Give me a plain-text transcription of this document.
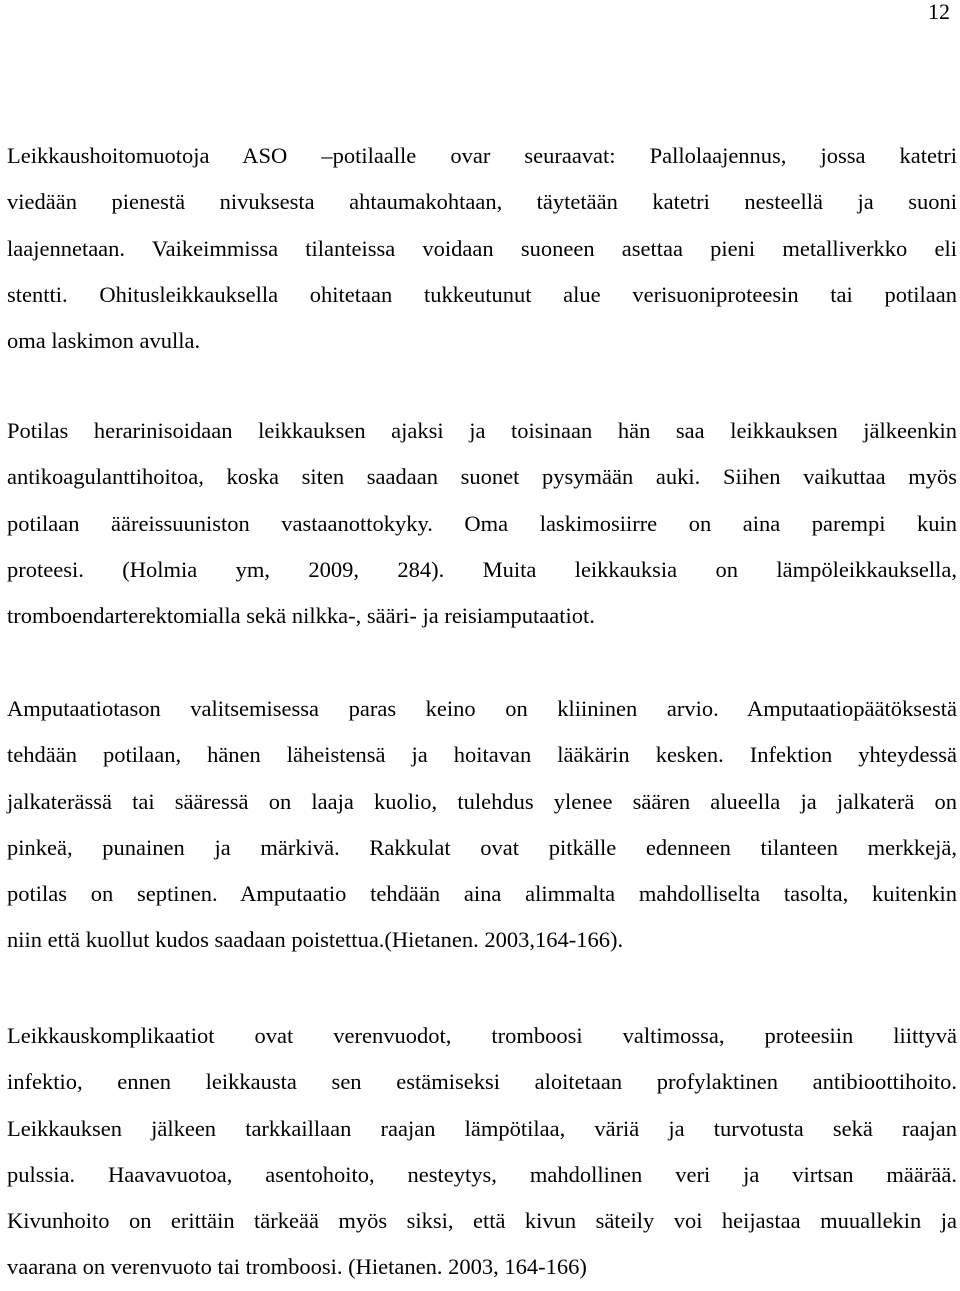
12
Leikkaushoitomuotoja ASO –potilaalle ovar seuraavat: Pallolaajennus, jossa katetri
viedään pienestä nivuksesta ahtaumakohtaan, täytetään katetri nesteellä ja suoni
laajennetaan. Vaikeimmissa tilanteissa voidaan suoneen asettaa pieni metalliverkko eli
stentti. Ohitusleikkauksella ohitetaan tukkeutunut alue verisuoniproteesin tai potilaan
oma laskimon avulla.
Potilas herarinisoidaan leikkauksen ajaksi ja toisinaan hän saa leikkauksen jälkeenkin
antikoagulanttihoitoa, koska siten saadaan suonet pysymään auki. Siihen vaikuttaa myös
potilaan ääreissuuniston vastaanottokyky. Oma laskimosiirre on aina parempi kuin
proteesi. (Holmia ym, 2009, 284). Muita leikkauksia on lämpöleikkauksella,
tromboendarterektomialla sekä nilkka-, sääri- ja reisiamputaatiot.
Amputaatiotason valitsemisessa paras keino on kliininen arvio. Amputaatiopäätöksestä
tehdään potilaan, hänen läheistensä ja hoitavan lääkärin kesken. Infektion yhteydessä
jalkaterässä tai sääressä on laaja kuolio, tulehdus ylenee säären alueella ja jalkaterä on
pinkeä, punainen ja märkivä. Rakkulat ovat pitkälle edenneen tilanteen merkkejä,
potilas on septinen. Amputaatio tehdään aina alimmalta mahdolliselta tasolta, kuitenkin
niin että kuollut kudos saadaan poistettua.(Hietanen. 2003,164-166).
Leikkauskomplikaatiot ovat verenvuodot, tromboosi valtimossa, proteesiin liittyvä
infektio, ennen leikkausta sen estämiseksi aloitetaan profylaktinen antibioottihoito.
Leikkauksen jälkeen tarkkaillaan raajan lämpötilaa, väriä ja turvotusta sekä raajan
pulssia. Haavavuotoa, asentohoito, nesteytys, mahdollinen veri ja virtsan määrää.
Kivunhoito on erittäin tärkeää myös siksi, että kivun säteily voi heijastaa muuallekin ja
vaarana on verenvuoto tai tromboosi. (Hietanen. 2003, 164-166)
